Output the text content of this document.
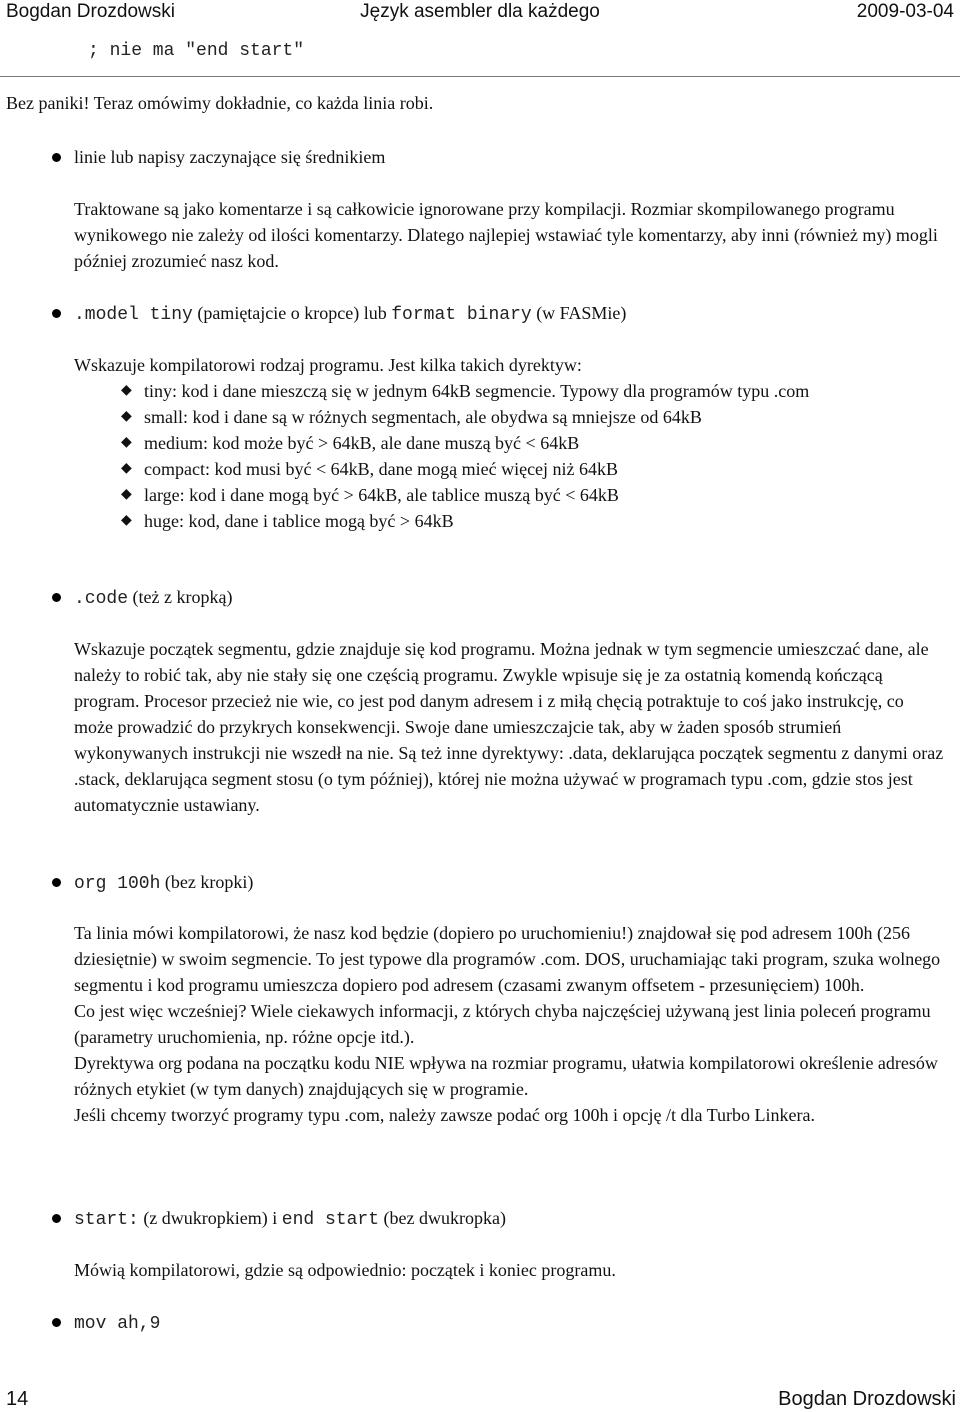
Bogdan Drozdowski	Język asembler dla każdego	2009-03-04
; nie ma "end start"
Bez paniki! Teraz omówimy dokładnie, co każda linia robi.
linie lub napisy zaczynające się średnikiem

Traktowane są jako komentarze i są całkowicie ignorowane przy kompilacji. Rozmiar skompilowanego programu wynikowego nie zależy od ilości komentarzy. Dlatego najlepiej wstawiać tyle komentarzy, aby inni (również my) mogli później zrozumieć nasz kod.

.model tiny (pamiętajcie o kropce) lub format binary (w FASMie)

Wskazuje kompilatorowi rodzaj programu. Jest kilka takich dyrektyw:

◆ tiny: kod i dane mieszczą się w jednym 64kB segmencie. Typowy dla programów typu .com
◆ small: kod i dane są w różnych segmentach, ale obydwa są mniejsze od 64kB
◆ medium: kod może być > 64kB, ale dane muszą być < 64kB
◆ compact: kod musi być < 64kB, dane mogą mieć więcej niż 64kB
◆ large: kod i dane mogą być > 64kB, ale tablice muszą być < 64kB
◆ huge: kod, dane i tablice mogą być > 64kB
.code (też z kropką)

Wskazuje początek segmentu, gdzie znajduje się kod programu. Można jednak w tym segmencie umieszczać dane, ale należy to robić tak, aby nie stały się one częścią programu. Zwykle wpisuje się je za ostatnią komendą kończącą program. Procesor przecież nie wie, co jest pod danym adresem i z miłą chęcią potraktuje to coś jako instrukcję, co może prowadzić do przykrych konsekwencji. Swoje dane umieszczajcie tak, aby w żaden sposób strumień wykonywanych instrukcji nie wszedł na nie. Są też inne dyrektywy: .data, deklarująca początek segmentu z danymi oraz .stack, deklarująca segment stosu (o tym później), której nie można używać w programach typu .com, gdzie stos jest automatycznie ustawiany.

org 100h (bez kropki)

Ta linia mówi kompilatorowi, że nasz kod będzie (dopiero po uruchomieniu!) znajdował się pod adresem 100h (256 dziesiętnie) w swoim segmencie. To jest typowe dla programów .com. DOS, uruchamiając taki program, szuka wolnego segmentu i kod programu umieszcza dopiero pod adresem (czasami zwanym offsetem - przesunięciem) 100h.

Co jest więc wcześniej? Wiele ciekawych informacji, z których chyba najczęściej używaną jest linia poleceń programu (parametry uruchomienia, np. różne opcje itd.).

Dyrektywa org podana na początku kodu NIE wpływa na rozmiar programu, ułatwia kompilatorowi określenie adresów różnych etykiet (w tym danych) znajdujących się w programie.

Jeśli chcemy tworzyć programy typu .com, należy zawsze podać org 100h i opcję /t dla Turbo Linkera.

start: (z dwukropkiem) i end start (bez dwukropka)

Mówią kompilatorowi, gdzie są odpowiednio: początek i koniec programu.

mov ah,9
14	Bogdan Drozdowski
